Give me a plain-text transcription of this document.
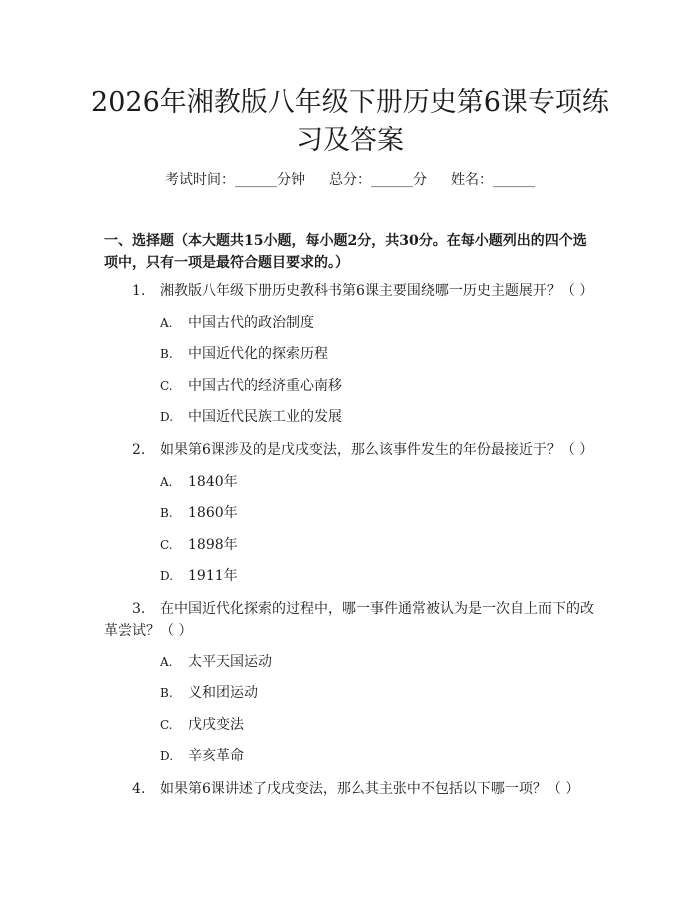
2026年湘教版八年级下册历史第6课专项练习及答案
考试时间：______分钟 总分：______分 姓名：______

一、选择题（本大题共15小题，每小题2分，共30分。在每小题列出的四个选项中，只有一项是最符合题目要求的。）

1. 湘教版八年级下册历史教科书第6课主要围绕哪一历史主题展开？（ ）
A. 中国古代的政治制度
B. 中国近代化的探索历程
C. 中国古代的经济重心南移
D. 中国近代民族工业的发展
2. 如果第6课涉及的是戊戌变法，那么该事件发生的年份最接近于？（ ）
A. 1840年
B. 1860年
C. 1898年
D. 1911年
3.	在中国近代化探索的过程中，哪一事件通常被认为是一次自上而下的改革尝试？（ ）
A. 太平天国运动
B. 义和团运动
C. 戊戌变法
D. 辛亥革命
4. 如果第6课讲述了戊戌变法，那么其主张中不包括以下哪一项？（ ）
